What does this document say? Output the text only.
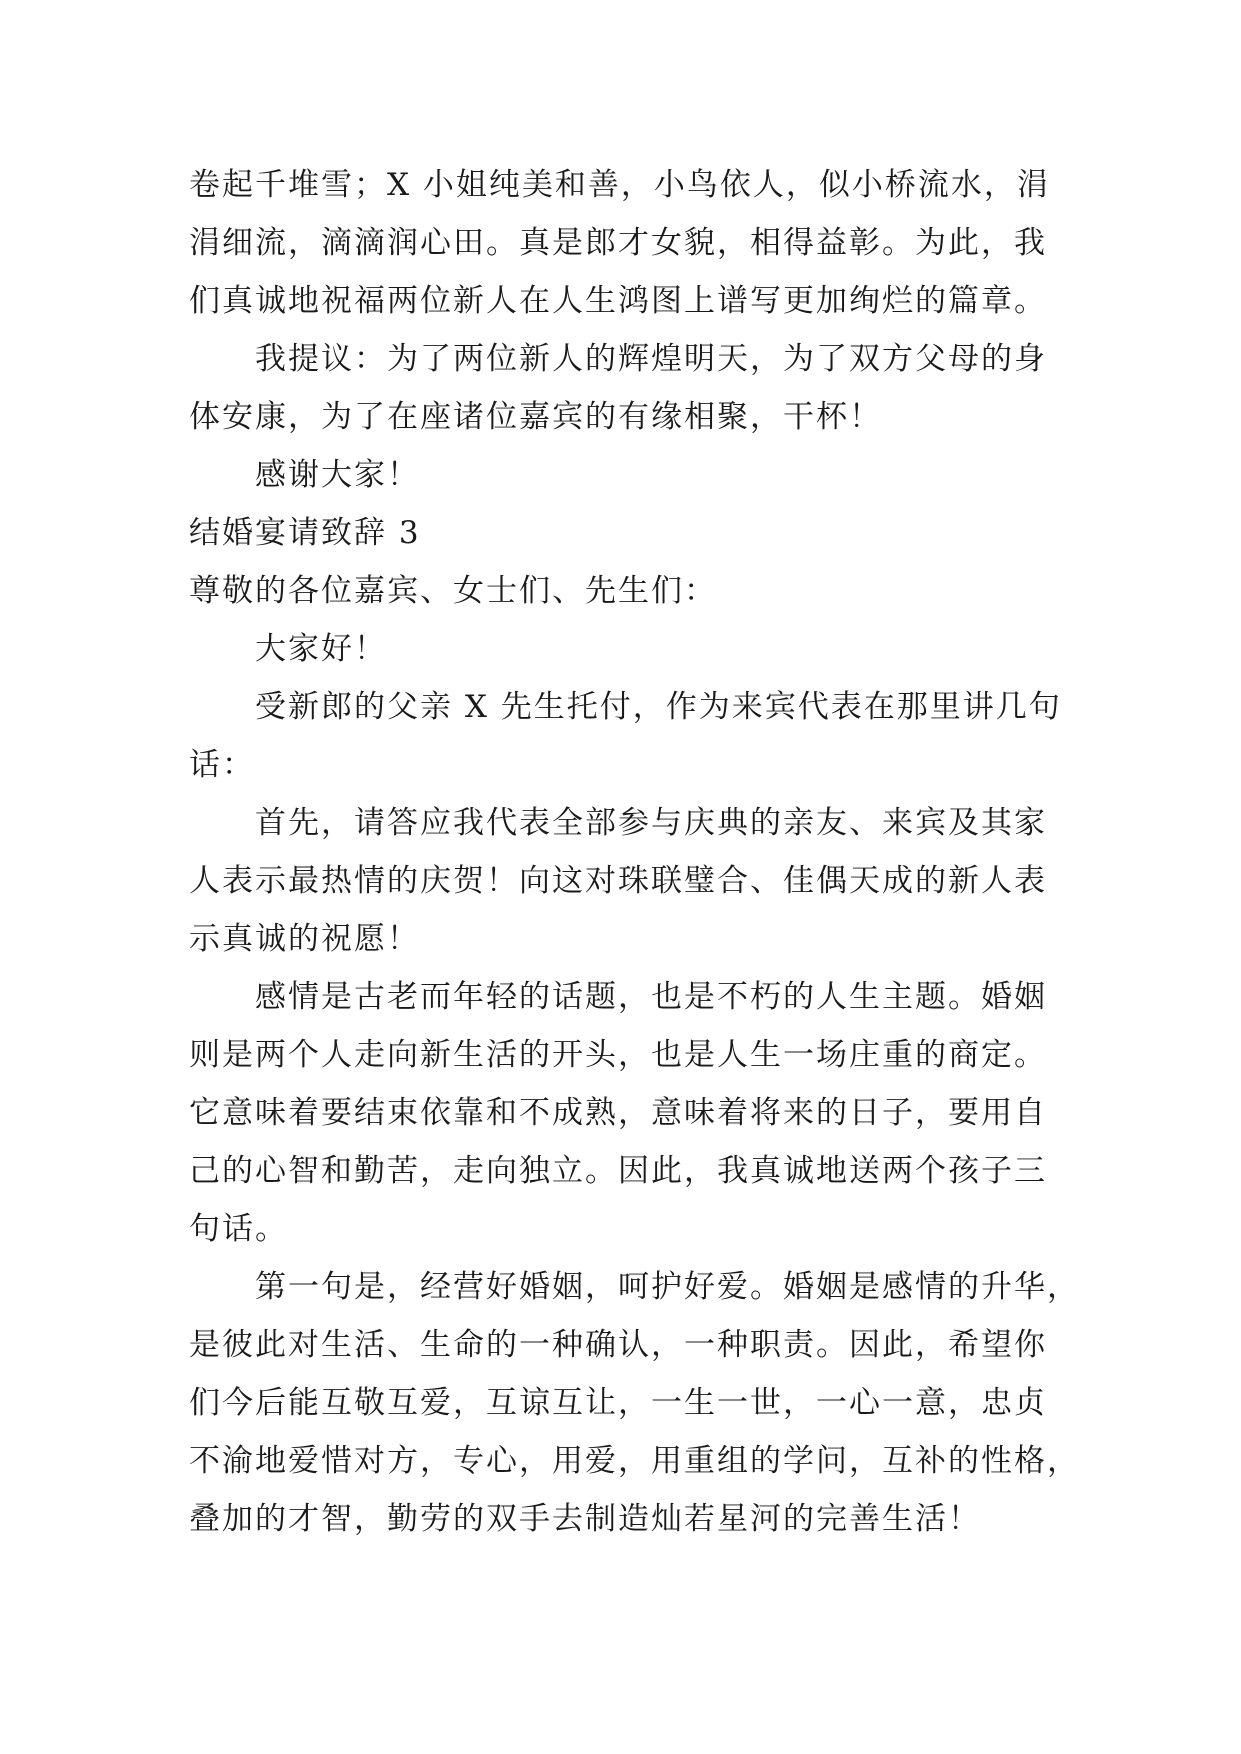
卷起千堆雪；X 小姐纯美和善，小鸟依人，似小桥流水，涓
涓细流，滴滴润心田。真是郎才女貌，相得益彰。为此，我
们真诚地祝福两位新人在人生鸿图上谱写更加绚烂的篇章。
我提议：为了两位新人的辉煌明天，为了双方父母的身
体安康，为了在座诸位嘉宾的有缘相聚，干杯！
感谢大家！
结婚宴请致辞 3
尊敬的各位嘉宾、女士们、先生们：
大家好！
受新郎的父亲 X 先生托付，作为来宾代表在那里讲几句
话：
首先，请答应我代表全部参与庆典的亲友、来宾及其家
人表示最热情的庆贺！向这对珠联璧合、佳偶天成的新人表
示真诚的祝愿！
感情是古老而年轻的话题，也是不朽的人生主题。婚姻
则是两个人走向新生活的开头，也是人生一场庄重的商定。
它意味着要结束依靠和不成熟，意味着将来的日子，要用自
己的心智和勤苦，走向独立。因此，我真诚地送两个孩子三
句话。
第一句是，经营好婚姻，呵护好爱。婚姻是感情的升华，
是彼此对生活、生命的一种确认，一种职责。因此，希望你
们今后能互敬互爱，互谅互让，一生一世，一心一意，忠贞
不渝地爱惜对方，专心，用爱，用重组的学问，互补的性格，
叠加的才智，勤劳的双手去制造灿若星河的完善生活！
